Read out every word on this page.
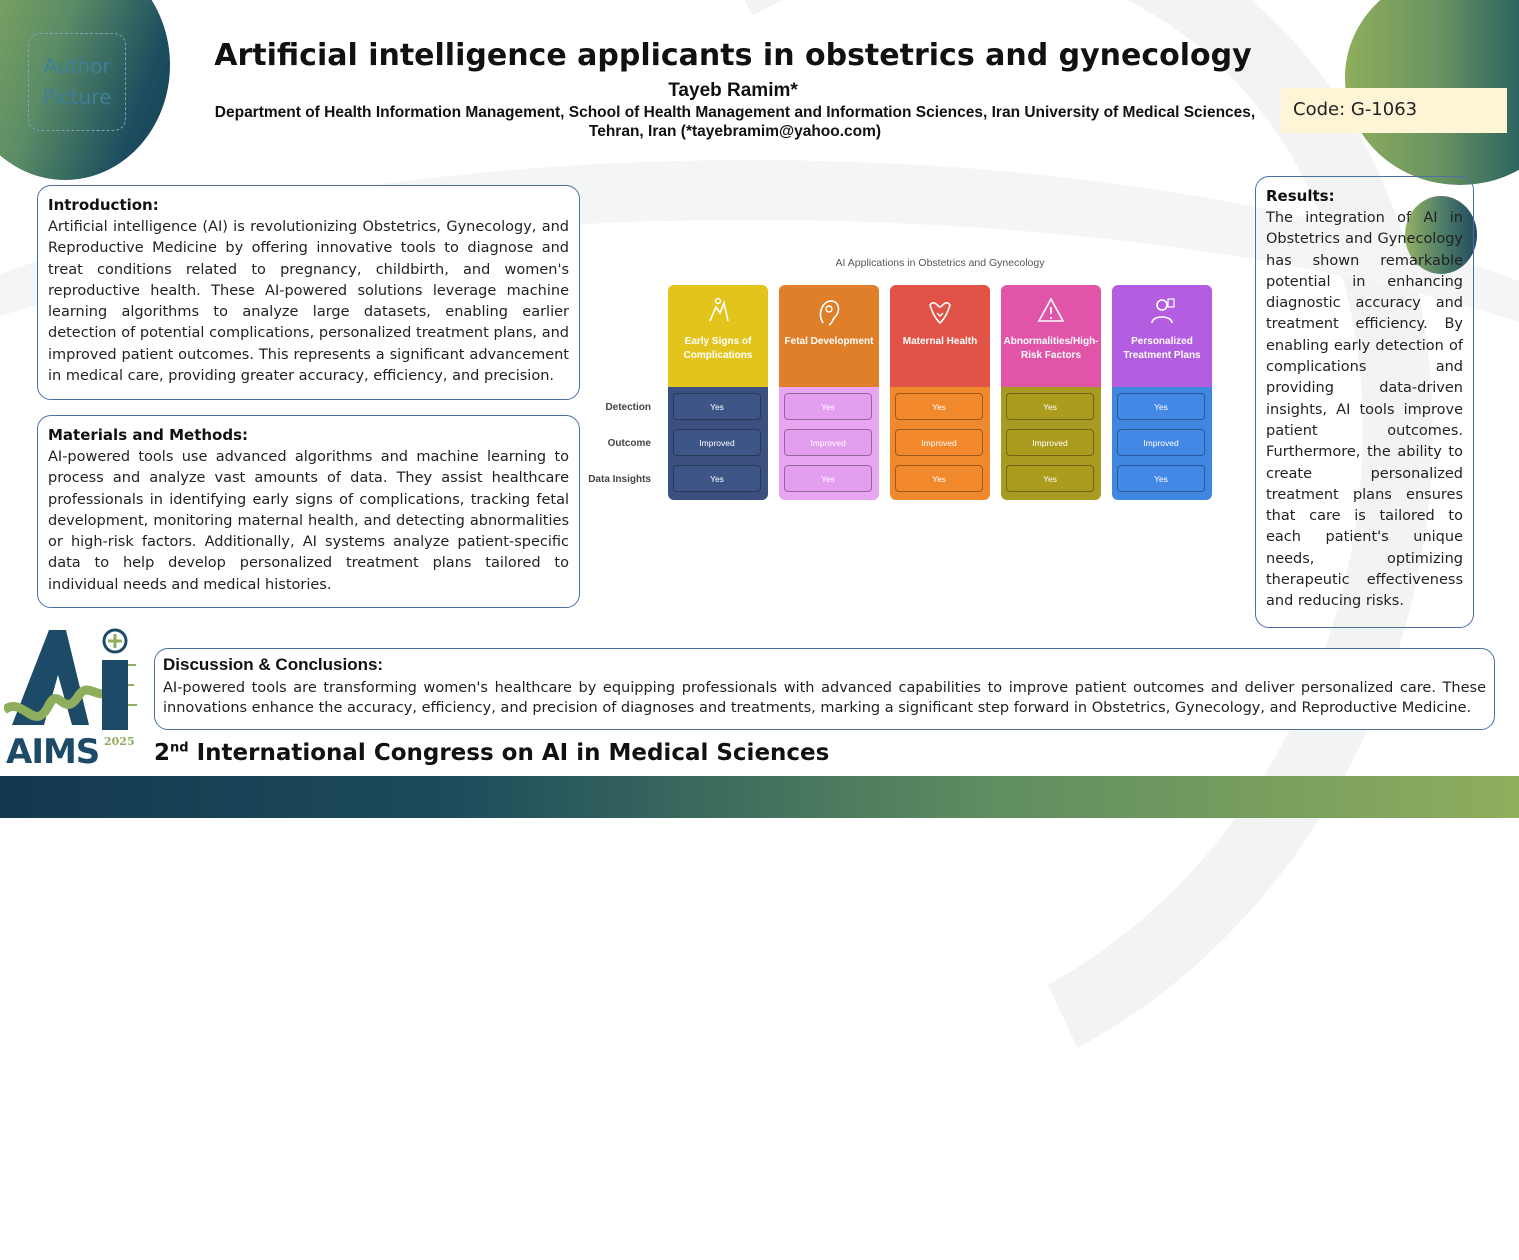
Author Picture
Artificial intelligence applicants in obstetrics and gynecology
Tayeb Ramim*
Department of Health Information Management, School of Health Management and Information Sciences, Iran University of Medical Sciences, Tehran, Iran (*tayebramim@yahoo.com)
Code: G-1063
Introduction:

Artificial intelligence (AI) is revolutionizing Obstetrics, Gynecology, and Reproductive Medicine by offering innovative tools to diagnose and treat conditions related to pregnancy, childbirth, and women's reproductive health. These AI-powered solutions leverage machine learning algorithms to analyze large datasets, enabling earlier detection of potential complications, personalized treatment plans, and improved patient outcomes. This represents a significant advancement in medical care, providing greater accuracy, efficiency, and precision.

Materials and Methods:

AI-powered tools use advanced algorithms and machine learning to process and analyze vast amounts of data. They assist healthcare professionals in identifying early signs of complications, tracking fetal development, monitoring maternal health, and detecting abnormalities or high-risk factors. Additionally, AI systems analyze patient-specific data to help develop personalized treatment plans tailored to individual needs and medical histories.

Results:

The integration of AI in Obstetrics and Gynecology has shown remarkable potential in enhancing diagnostic accuracy and treatment efficiency. By enabling early detection of complications and providing data-driven insights, AI tools improve patient outcomes. Furthermore, the ability to create personalized treatment plans ensures that care is tailored to each patient's unique needs, optimizing therapeutic effectiveness and reducing risks.

Discussion & Conclusions:

AI-powered tools are transforming women's healthcare by equipping professionals with advanced capabilities to improve patient outcomes and deliver personalized care. These innovations enhance the accuracy, efficiency, and precision of diagnoses and treatments, marking a significant step forward in Obstetrics, Gynecology, and Reproductive Medicine.

AI Applications in Obstetrics and Gynecology
Detection
Outcome
Data Insights
Early Signs of Complications
Yes
Improved
Yes
Fetal Development
Yes
Improved
Yes
Maternal Health
Yes
Improved
Yes
Abnormalities/High-Risk Factors
Yes
Improved
Yes
Personalized Treatment Plans
Yes
Improved
Yes
2025
AIMS 2nd International Congress on AI in Medical Sciences
